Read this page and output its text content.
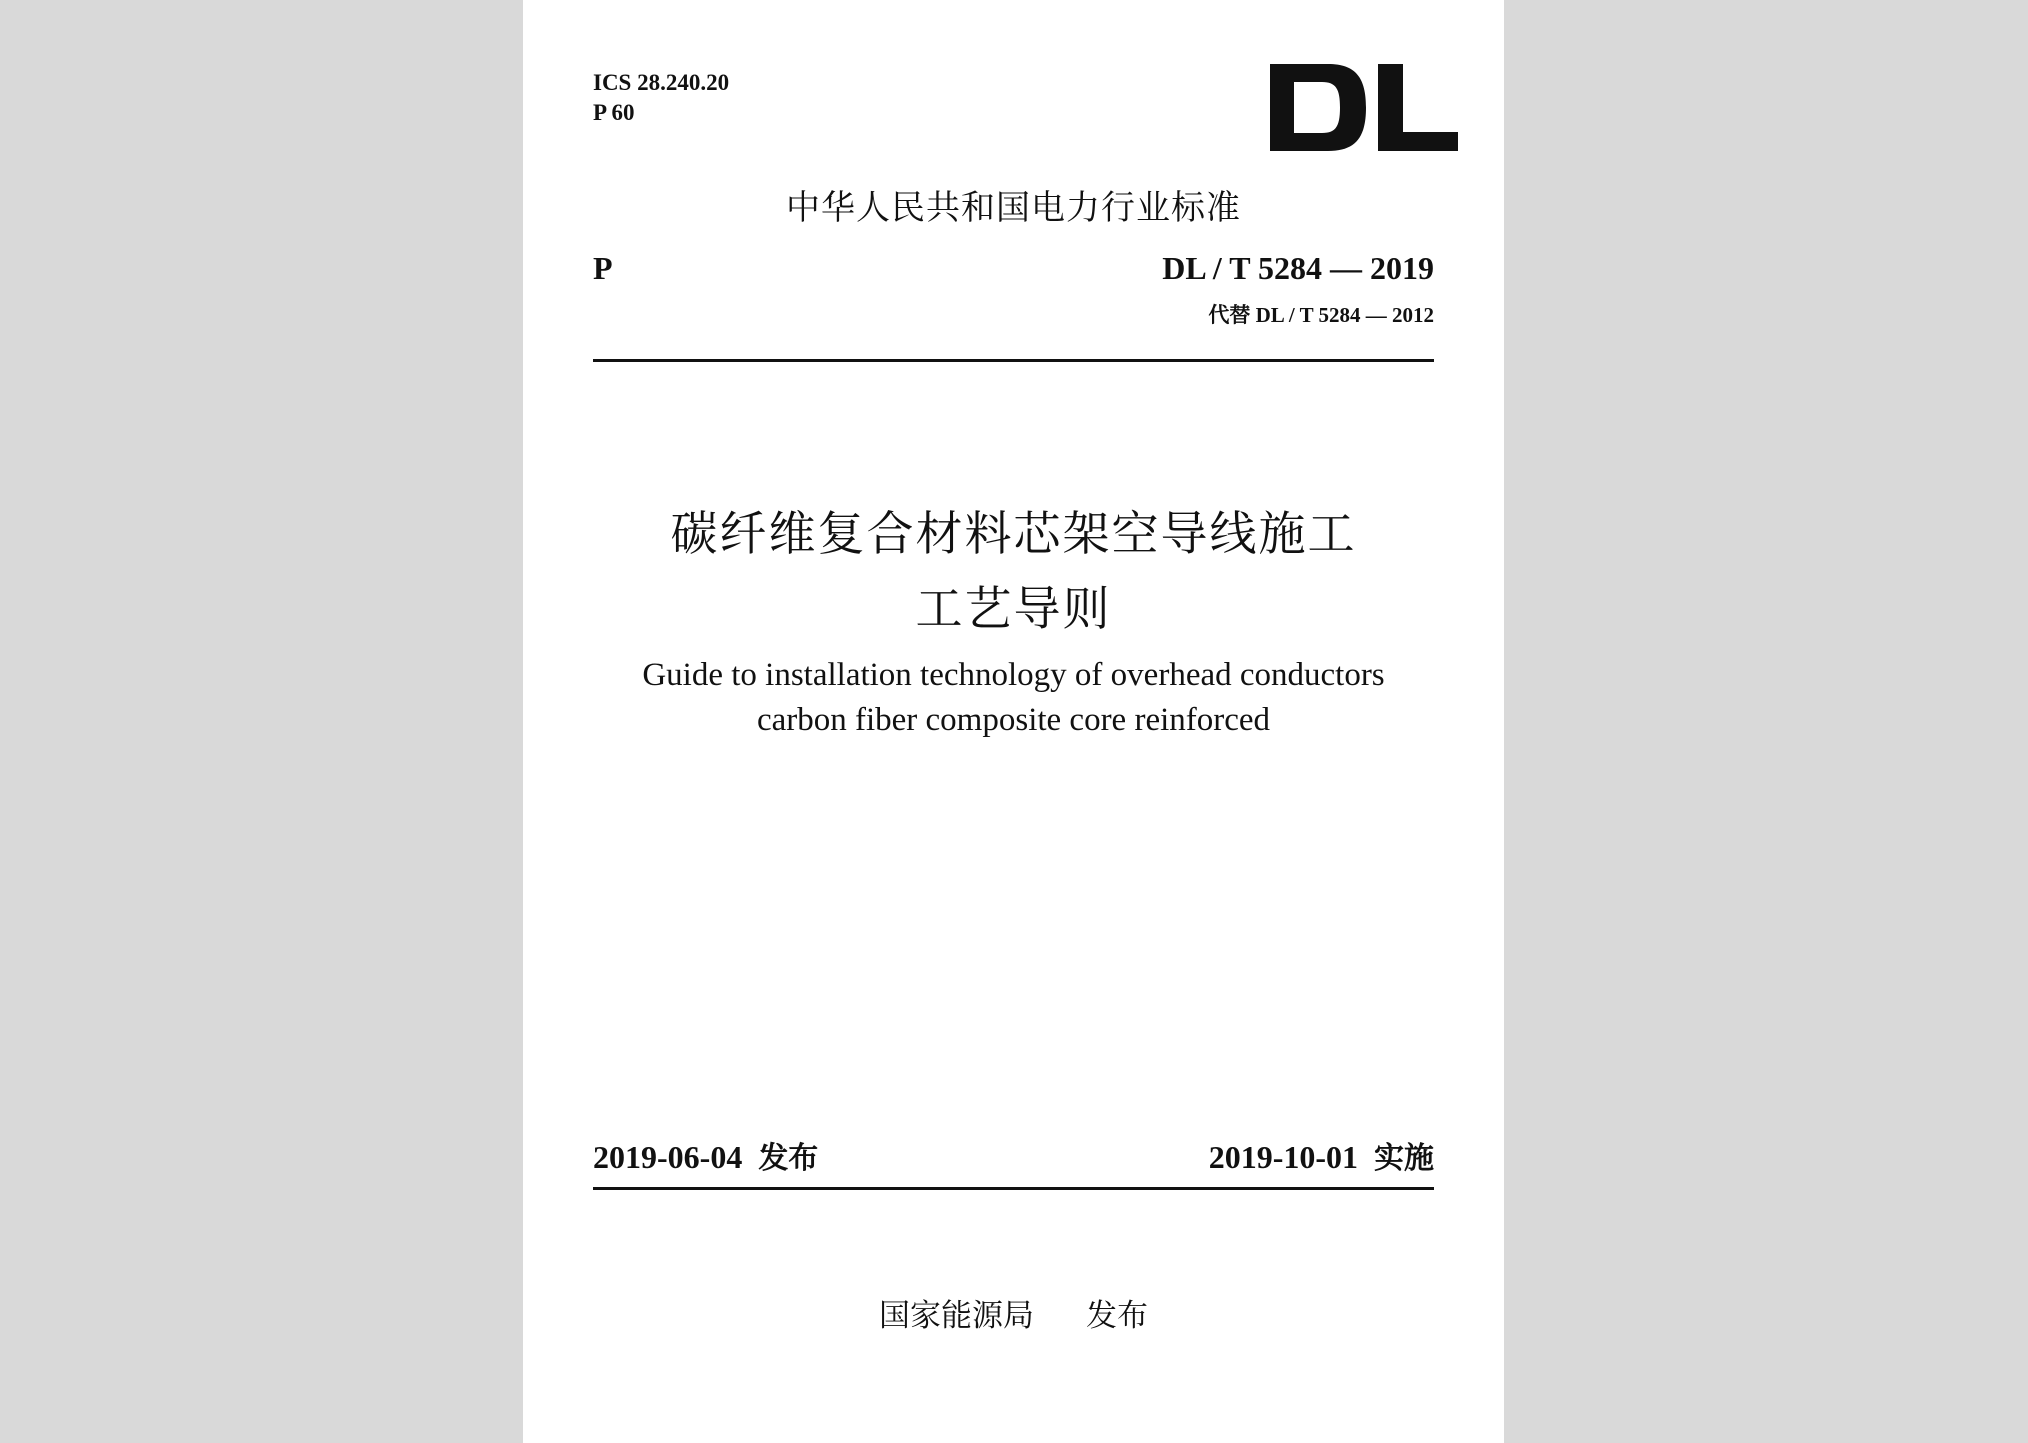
ICS 28.240.20
P 60
中华人民共和国电力行业标准
P	DL / T 5284 — 2019
代替 DL / T 5284 — 2012
碳纤维复合材料芯架空导线施工
工艺导则
Guide to installation technology of overhead conductors
carbon fiber composite core reinforced
2019-06-04 发布	2019-10-01 实施
国家能源局 发布
